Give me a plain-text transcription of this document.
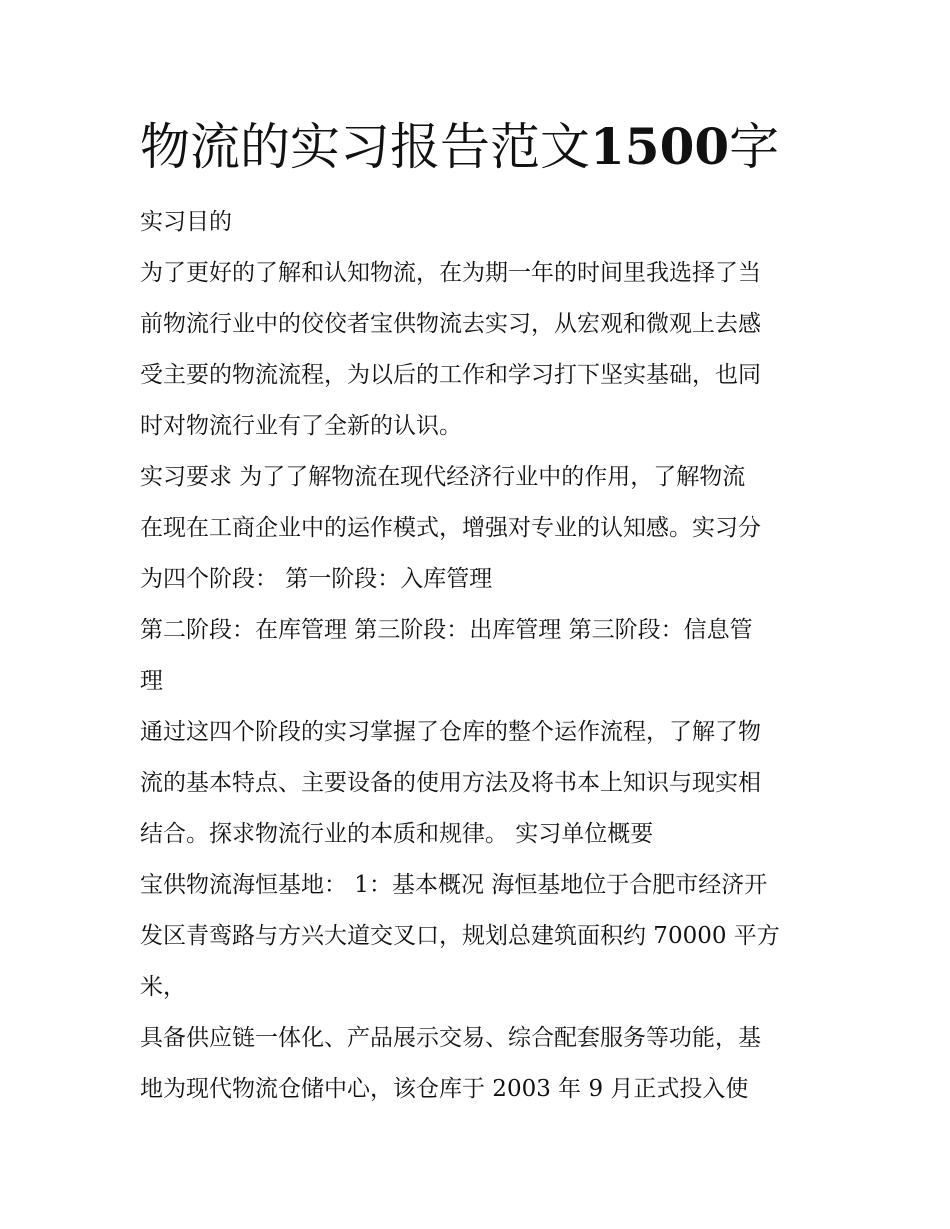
物流的实习报告范文1500字

实习目的

为了更好的了解和认知物流，在为期一年的时间里我选择了当

前物流行业中的佼佼者宝供物流去实习，从宏观和微观上去感

受主要的物流流程，为以后的工作和学习打下坚实基础，也同

时对物流行业有了全新的认识。

实习要求 为了了解物流在现代经济行业中的作用，了解物流

在现在工商企业中的运作模式，增强对专业的认知感。实习分

为四个阶段： 第一阶段：入库管理

第二阶段：在库管理 第三阶段：出库管理 第三阶段：信息管

理

通过这四个阶段的实习掌握了仓库的整个运作流程，了解了物

流的基本特点、主要设备的使用方法及将书本上知识与现实相

结合。探求物流行业的本质和规律。 实习单位概要

宝供物流海恒基地： 1：基本概况 海恒基地位于合肥市经济开

发区青鸾路与方兴大道交叉口，规划总建筑面积约 70000 平方

米，

具备供应链一体化、产品展示交易、综合配套服务等功能，基

地为现代物流仓储中心，该仓库于 2003 年 9 月正式投入使
